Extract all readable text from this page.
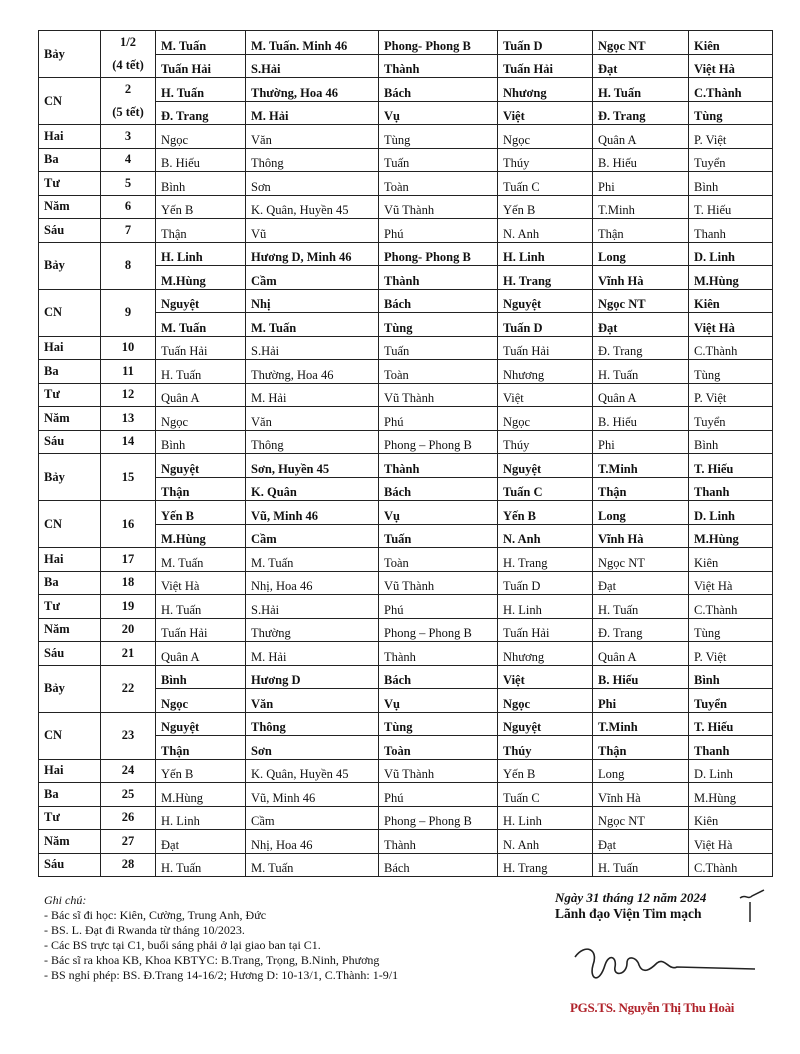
Bảy	1/2	M. Tuấn	M. Tuấn. Minh 46	Phong- Phong B	Tuấn D	Ngọc NT	Kiên
	(4 tết)	Tuấn Hải	S.Hải	Thành	Tuấn Hải	Đạt	Việt Hà
CN	2	H. Tuấn	Thường, Hoa 46	Bách	Nhương	H. Tuấn	C.Thành
	(5 tết)	Đ. Trang	M. Hải	Vụ	Việt	Đ. Trang	Tùng
Hai	3	Ngọc	Văn	Tùng	Ngọc	Quân A	P. Việt
Ba	4	B. Hiếu	Thông	Tuấn	Thúy	B. Hiếu	Tuyển
Tư	5	Bình	Sơn	Toàn	Tuấn C	Phi	Bình
Năm	6	Yến B	K. Quân, Huyền 45	Vũ Thành	Yến B	T.Minh	T. Hiếu
Sáu	7	Thận	Vũ	Phú	N. Anh	Thận	Thanh
Bảy	8	H. Linh	Hương D, Minh 46	Phong- Phong B	H. Linh	Long	D. Linh
		M.Hùng	Cầm	Thành	H. Trang	Vĩnh Hà	M.Hùng
CN	9	Nguyệt	Nhị	Bách	Nguyệt	Ngọc NT	Kiên
		M. Tuấn	M. Tuấn	Tùng	Tuấn D	Đạt	Việt Hà
Hai	10	Tuấn Hải	S.Hải	Tuấn	Tuấn Hải	Đ. Trang	C.Thành
Ba	11	H. Tuấn	Thường, Hoa 46	Toàn	Nhương	H. Tuấn	Tùng
Tư	12	Quân A	M. Hải	Vũ Thành	Việt	Quân A	P. Việt
Năm	13	Ngọc	Văn	Phú	Ngọc	B. Hiếu	Tuyển
Sáu	14	Bình	Thông	Phong – Phong B	Thúy	Phi	Bình
Bảy	15	Nguyệt	Sơn, Huyền 45	Thành	Nguyệt	T.Minh	T. Hiếu
		Thận	K. Quân	Bách	Tuấn C	Thận	Thanh
CN	16	Yến B	Vũ, Minh 46	Vụ	Yến B	Long	D. Linh
		M.Hùng	Cầm	Tuấn	N. Anh	Vĩnh Hà	M.Hùng
Hai	17	M. Tuấn	M. Tuấn	Toàn	H. Trang	Ngọc NT	Kiên
Ba	18	Việt Hà	Nhị, Hoa 46	Vũ Thành	Tuấn D	Đạt	Việt Hà
Tư	19	H. Tuấn	S.Hải	Phú	H. Linh	H. Tuấn	C.Thành
Năm	20	Tuấn Hải	Thường	Phong – Phong B	Tuấn Hải	Đ. Trang	Tùng
Sáu	21	Quân A	M. Hải	Thành	Nhương	Quân A	P. Việt
Bảy	22	Bình	Hương D	Bách	Việt	B. Hiếu	Bình
		Ngọc	Văn	Vụ	Ngọc	Phi	Tuyển
CN	23	Nguyệt	Thông	Tùng	Nguyệt	T.Minh	T. Hiếu
		Thận	Sơn	Toàn	Thúy	Thận	Thanh
Hai	24	Yến B	K. Quân, Huyền 45	Vũ Thành	Yến B	Long	D. Linh
Ba	25	M.Hùng	Vũ, Minh 46	Phú	Tuấn C	Vĩnh Hà	M.Hùng
Tư	26	H. Linh	Cầm	Phong – Phong B	H. Linh	Ngọc NT	Kiên
Năm	27	Đạt	Nhị, Hoa 46	Thành	N. Anh	Đạt	Việt Hà
Sáu	28	H. Tuấn	M. Tuấn	Bách	H. Trang	H. Tuấn	C.Thành
Ghi chú:
- Bác sĩ đi học: Kiên, Cường, Trung Anh, Đức
- BS. L. Đạt đi Rwanda từ tháng 10/2023.
- Các BS trực tại C1, buổi sáng phải ở lại giao ban tại C1.
- Bác sĩ ra khoa KB, Khoa KBTYC: B.Trang, Trọng, B.Ninh, Phương
- BS nghỉ phép: BS. Đ.Trang 14-16/2; Hương D: 10-13/1, C.Thành: 1-9/1
Ngày 31 tháng 12 năm 2024
Lãnh đạo Viện Tim mạch
PGS.TS. Nguyễn Thị Thu Hoài
